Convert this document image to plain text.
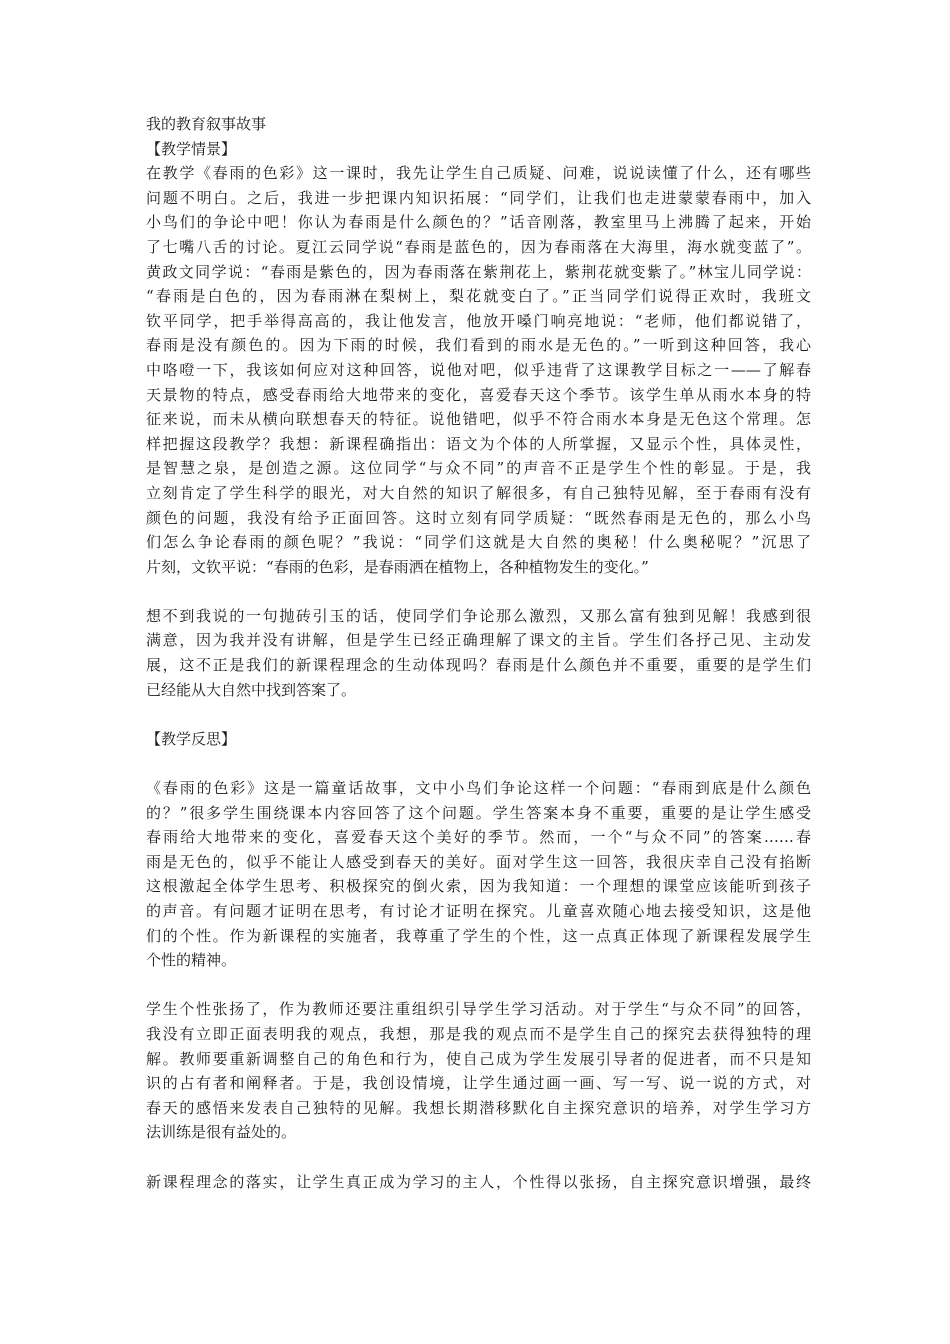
我的教育叙事故事
【教学情景】
在教学《春雨的色彩》这一课时，我先让学生自己质疑、问难，说说读懂了什么，还有哪些
问题不明白。之后，我进一步把课内知识拓展：“同学们，让我们也走进蒙蒙春雨中，加入
小鸟们的争论中吧！你认为春雨是什么颜色的？”话音刚落，教室里马上沸腾了起来，开始
了七嘴八舌的讨论。夏江云同学说“春雨是蓝色的，因为春雨落在大海里，海水就变蓝了”。
黄政文同学说：“春雨是紫色的，因为春雨落在紫荆花上，紫荆花就变紫了。”林宝儿同学说：
“春雨是白色的，因为春雨淋在梨树上，梨花就变白了。”正当同学们说得正欢时，我班文
钦平同学，把手举得高高的，我让他发言，他放开嗓门响亮地说：“老师，他们都说错了，
春雨是没有颜色的。因为下雨的时候，我们看到的雨水是无色的。”一听到这种回答，我心
中咯噔一下，我该如何应对这种回答，说他对吧，似乎违背了这课教学目标之一——了解春
天景物的特点，感受春雨给大地带来的变化，喜爱春天这个季节。该学生单从雨水本身的特
征来说，而未从横向联想春天的特征。说他错吧，似乎不符合雨水本身是无色这个常理。怎
样把握这段教学？我想：新课程确指出：语文为个体的人所掌握，又显示个性，具体灵性，
是智慧之泉，是创造之源。这位同学“与众不同”的声音不正是学生个性的彰显。于是，我
立刻肯定了学生科学的眼光，对大自然的知识了解很多，有自己独特见解，至于春雨有没有
颜色的问题，我没有给予正面回答。这时立刻有同学质疑：“既然春雨是无色的，那么小鸟
们怎么争论春雨的颜色呢？”我说：“同学们这就是大自然的奥秘！什么奥秘呢？”沉思了
片刻，文钦平说：“春雨的色彩，是春雨洒在植物上，各种植物发生的变化。”
想不到我说的一句抛砖引玉的话，使同学们争论那么激烈，又那么富有独到见解！我感到很
满意，因为我并没有讲解，但是学生已经正确理解了课文的主旨。学生们各抒己见、主动发
展，这不正是我们的新课程理念的生动体现吗？春雨是什么颜色并不重要，重要的是学生们
已经能从大自然中找到答案了。
【教学反思】
《春雨的色彩》这是一篇童话故事，文中小鸟们争论这样一个问题：“春雨到底是什么颜色
的？”很多学生围绕课本内容回答了这个问题。学生答案本身不重要，重要的是让学生感受
春雨给大地带来的变化，喜爱春天这个美好的季节。然而，一个“与众不同”的答案……春
雨是无色的，似乎不能让人感受到春天的美好。面对学生这一回答，我很庆幸自己没有掐断
这根激起全体学生思考、积极探究的倒火索，因为我知道：一个理想的课堂应该能听到孩子
的声音。有问题才证明在思考，有讨论才证明在探究。儿童喜欢随心地去接受知识，这是他
们的个性。作为新课程的实施者，我尊重了学生的个性，这一点真正体现了新课程发展学生
个性的精神。
学生个性张扬了，作为教师还要注重组织引导学生学习活动。对于学生“与众不同”的回答，
我没有立即正面表明我的观点，我想，那是我的观点而不是学生自己的探究去获得独特的理
解。教师要重新调整自己的角色和行为，使自己成为学生发展引导者的促进者，而不只是知
识的占有者和阐释者。于是，我创设情境，让学生通过画一画、写一写、说一说的方式，对
春天的感悟来发表自己独特的见解。我想长期潜移默化自主探究意识的培养，对学生学习方
法训练是很有益处的。
新课程理念的落实，让学生真正成为学习的主人，个性得以张扬，自主探究意识增强，最终
